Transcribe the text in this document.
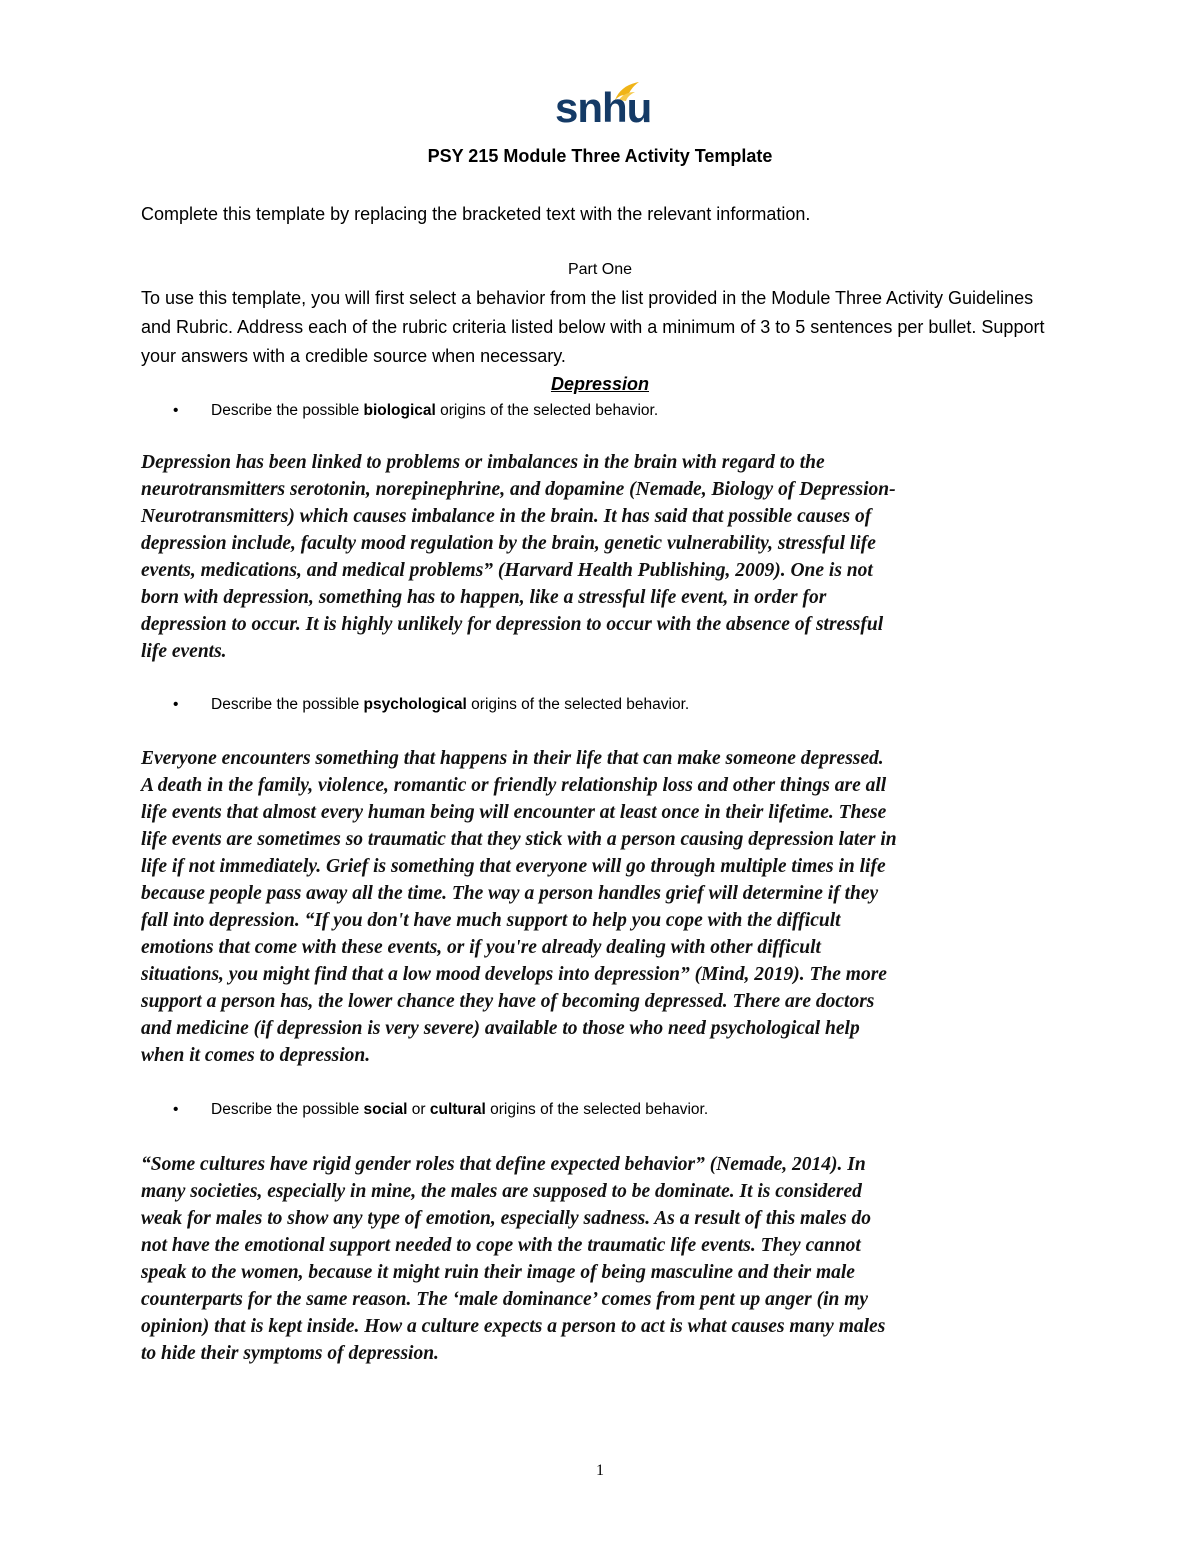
snhu
PSY 215 Module Three Activity Template
Complete this template by replacing the bracketed text with the relevant information.
Part One
To use this template, you will first select a behavior from the list provided in the Module Three Activity Guidelines and Rubric. Address each of the rubric criteria listed below with a minimum of 3 to 5 sentences per bullet. Support your answers with a credible source when necessary.
Depression
• Describe the possible biological origins of the selected behavior.
Depression has been linked to problems or imbalances in the brain with regard to the
neurotransmitters serotonin, norepinephrine, and dopamine (Nemade, Biology of Depression-
Neurotransmitters) which causes imbalance in the brain. It has said that possible causes of
depression include, faculty mood regulation by the brain, genetic vulnerability, stressful life
events, medications, and medical problems” (Harvard Health Publishing, 2009). One is not
born with depression, something has to happen, like a stressful life event, in order for
depression to occur. It is highly unlikely for depression to occur with the absence of stressful
life events.
• Describe the possible psychological origins of the selected behavior.
Everyone encounters something that happens in their life that can make someone depressed.
A death in the family, violence, romantic or friendly relationship loss and other things are all
life events that almost every human being will encounter at least once in their lifetime. These
life events are sometimes so traumatic that they stick with a person causing depression later in
life if not immediately. Grief is something that everyone will go through multiple times in life
because people pass away all the time. The way a person handles grief will determine if they
fall into depression. “If you don't have much support to help you cope with the difficult
emotions that come with these events, or if you're already dealing with other difficult
situations, you might find that a low mood develops into depression” (Mind, 2019). The more
support a person has, the lower chance they have of becoming depressed. There are doctors
and medicine (if depression is very severe) available to those who need psychological help
when it comes to depression.
• Describe the possible social or cultural origins of the selected behavior.
“Some cultures have rigid gender roles that define expected behavior” (Nemade, 2014). In
many societies, especially in mine, the males are supposed to be dominate. It is considered
weak for males to show any type of emotion, especially sadness. As a result of this males do
not have the emotional support needed to cope with the traumatic life events. They cannot
speak to the women, because it might ruin their image of being masculine and their male
counterparts for the same reason. The ‘male dominance’ comes from pent up anger (in my
opinion) that is kept inside. How a culture expects a person to act is what causes many males
to hide their symptoms of depression.
1
